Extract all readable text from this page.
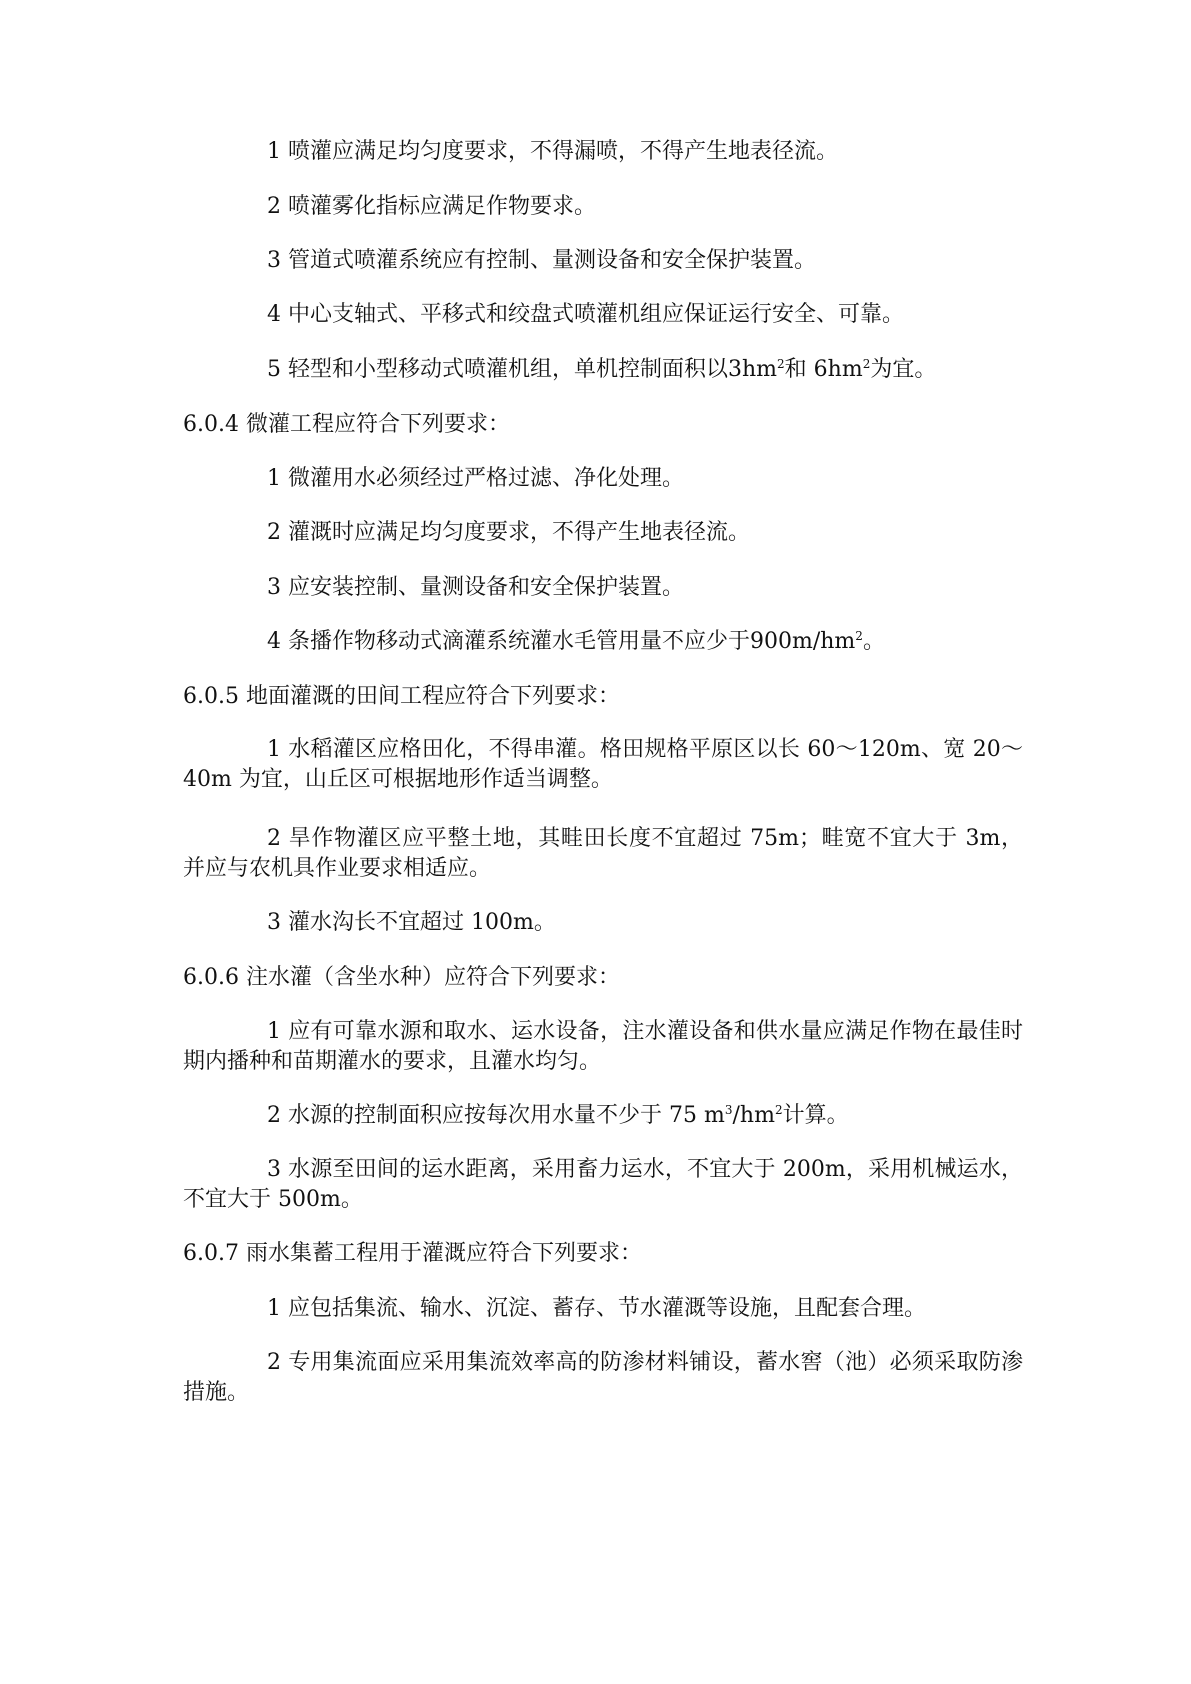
1 喷灌应满足均匀度要求，不得漏喷，不得产生地表径流。
2 喷灌雾化指标应满足作物要求。
3 管道式喷灌系统应有控制、量测设备和安全保护装置。
4 中心支轴式、平移式和绞盘式喷灌机组应保证运行安全、可靠。
5 轻型和小型移动式喷灌机组，单机控制面积以$3hm^2$和 $6hm^2$为宜。
6.0.4 微灌工程应符合下列要求：
1 微灌用水必须经过严格过滤、净化处理。
2 灌溉时应满足均匀度要求，不得产生地表径流。
3 应安装控制、量测设备和安全保护装置。
4 条播作物移动式滴灌系统灌水毛管用量不应少于$900m/hm^2$。
6.0.5 地面灌溉的田间工程应符合下列要求：
1 水稻灌区应格田化，不得串灌。格田规格平原区以长 60～120m、宽 20～40m 为宜，山丘区可根据地形作适当调整。
2 旱作物灌区应平整土地，其畦田长度不宜超过 75m；畦宽不宜大于 3m，并应与农机具作业要求相适应。
3 灌水沟长不宜超过 100m。
6.0.6 注水灌（含坐水种）应符合下列要求：
1 应有可靠水源和取水、运水设备，注水灌设备和供水量应满足作物在最佳时期内播种和苗期灌水的要求，且灌水均匀。
2 水源的控制面积应按每次用水量不少于 75 $m^3/hm^2$计算。
3 水源至田间的运水距离，采用畜力运水，不宜大于 200m，采用机械运水，不宜大于 500m。
6.0.7 雨水集蓄工程用于灌溉应符合下列要求：
1 应包括集流、输水、沉淀、蓄存、节水灌溉等设施，且配套合理。
2 专用集流面应采用集流效率高的防渗材料铺设，蓄水窖（池）必须采取防渗措施。
